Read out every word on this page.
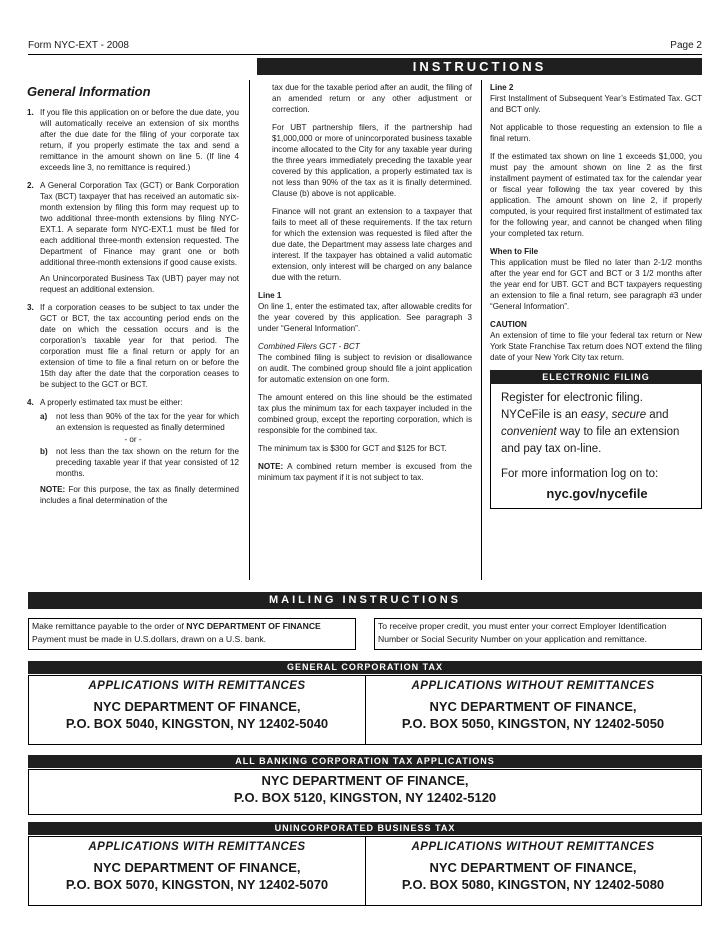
Form NYC-EXT - 2008	Page 2
INSTRUCTIONS
General Information
1. If you file this application on or before the due date, you will automatically receive an extension of six months after the due date for the filing of your corporate tax return, if you properly estimate the tax and send a remittance in the amount shown on line 5. (If line 4 exceeds line 3, no remittance is required.)
2. A General Corporation Tax (GCT) or Bank Corporation Tax (BCT) taxpayer that has received an automatic six-month extension by filing this form may request up to two additional three-month extensions by filing NYC-EXT.1. A separate form NYC-EXT.1 must be filed for each additional three-month extension requested. The Department of Finance may grant one or both additional three-month extensions if good cause exists.

An Unincorporated Business Tax (UBT) payer may not request an additional extension.

3. If a corporation ceases to be subject to tax under the GCT or BCT, the tax accounting period ends on the date on which the cessation occurs and is the corporation’s taxable year for that period. The corporation must file a final return or apply for an extension of time to file a final return on or before the 15th day after the date that the corporation ceases to be subject to the GCT or BCT.
4. A properly estimated tax must be either:
a)	not less than 90% of the tax for the year for which an extension is requested as finally determined
- or -
b)	not less than the tax shown on the return for the preceding taxable year if that year consisted of 12 months.

NOTE: For this purpose, the tax as finally determined includes a final determination of the

tax due for the taxable period after an audit, the filing of an amended return or any other adjustment or correction.

For UBT partnership filers, if the partnership had $1,000,000 or more of unincorporated business taxable income allocated to the City for any taxable year during the three years immediately preceding the taxable year covered by this application, a properly estimated tax is not less than 90% of the tax as it is finally determined. Clause (b) above is not applicable.

Finance will not grant an extension to a taxpayer that fails to meet all of these requirements. If the tax return for which the extension was requested is filed after the due date, the Department may assess late charges and interest. If the taxpayer has obtained a valid automatic extension, only interest will be charged on any balance due with the return.

Line 1

On line 1, enter the estimated tax, after allowable credits for the year covered by this application. See paragraph 3 under “General Information”.

Combined Filers GCT - BCT

The combined filing is subject to revision or disallowance on audit. The combined group should file a joint application for automatic extension on one form.

The amount entered on this line should be the estimated tax plus the minimum tax for each taxpayer included in the combined group, except the reporting corporation, which is responsible for the combined tax.

The minimum tax is $300 for GCT and $125 for BCT.

NOTE: A combined return member is excused from the minimum tax payment if it is not subject to tax.

Line 2

First Installment of Subsequent Year’s Estimated Tax. GCT and BCT only.

Not applicable to those requesting an extension to file a final return.

If the estimated tax shown on line 1 exceeds $1,000, you must pay the amount shown on line 2 as the first installment payment of estimated tax for the calendar year or fiscal year following the tax year covered by this application. The amount shown on line 2, if properly computed, is your required first installment of estimated tax for the following year, and cannot be changed when filing your completed tax return.

When to File

This application must be filed no later than 2-1/2 months after the year end for GCT and BCT or 3 1/2 months after the year end for UBT. GCT and BCT taxpayers requesting an extension to file a final return, see paragraph #3 under “General Information”.

CAUTION

An extension of time to file your federal tax return or New York State Franchise Tax return does NOT extend the filing date of your New York City tax return.

ELECTRONIC FILING

Register for electronic filing. NYCeFile is an easy, secure and convenient way to file an extension and pay tax on-line.

For more information log on to:

nyc.gov/nycefile
MAILING INSTRUCTIONS
Make remittance payable to the order of NYC DEPARTMENT OF FINANCE
Payment must be made in U.S.dollars, drawn on a U.S. bank.
To receive proper credit, you must enter your correct Employer Identification Number or Social Security Number on your application and remittance.
GENERAL CORPORATION TAX
APPLICATIONS WITH REMITTANCES
NYC DEPARTMENT OF FINANCE,
P.O. BOX 5040, KINGSTON, NY 12402-5040
APPLICATIONS WITHOUT REMITTANCES
NYC DEPARTMENT OF FINANCE,
P.O. BOX 5050, KINGSTON, NY 12402-5050
ALL BANKING CORPORATION TAX APPLICATIONS
NYC DEPARTMENT OF FINANCE,
P.O. BOX 5120, KINGSTON, NY 12402-5120
UNINCORPORATED BUSINESS TAX
APPLICATIONS WITH REMITTANCES
NYC DEPARTMENT OF FINANCE,
P.O. BOX 5070, KINGSTON, NY 12402-5070
APPLICATIONS WITHOUT REMITTANCES
NYC DEPARTMENT OF FINANCE,
P.O. BOX 5080, KINGSTON, NY 12402-5080
